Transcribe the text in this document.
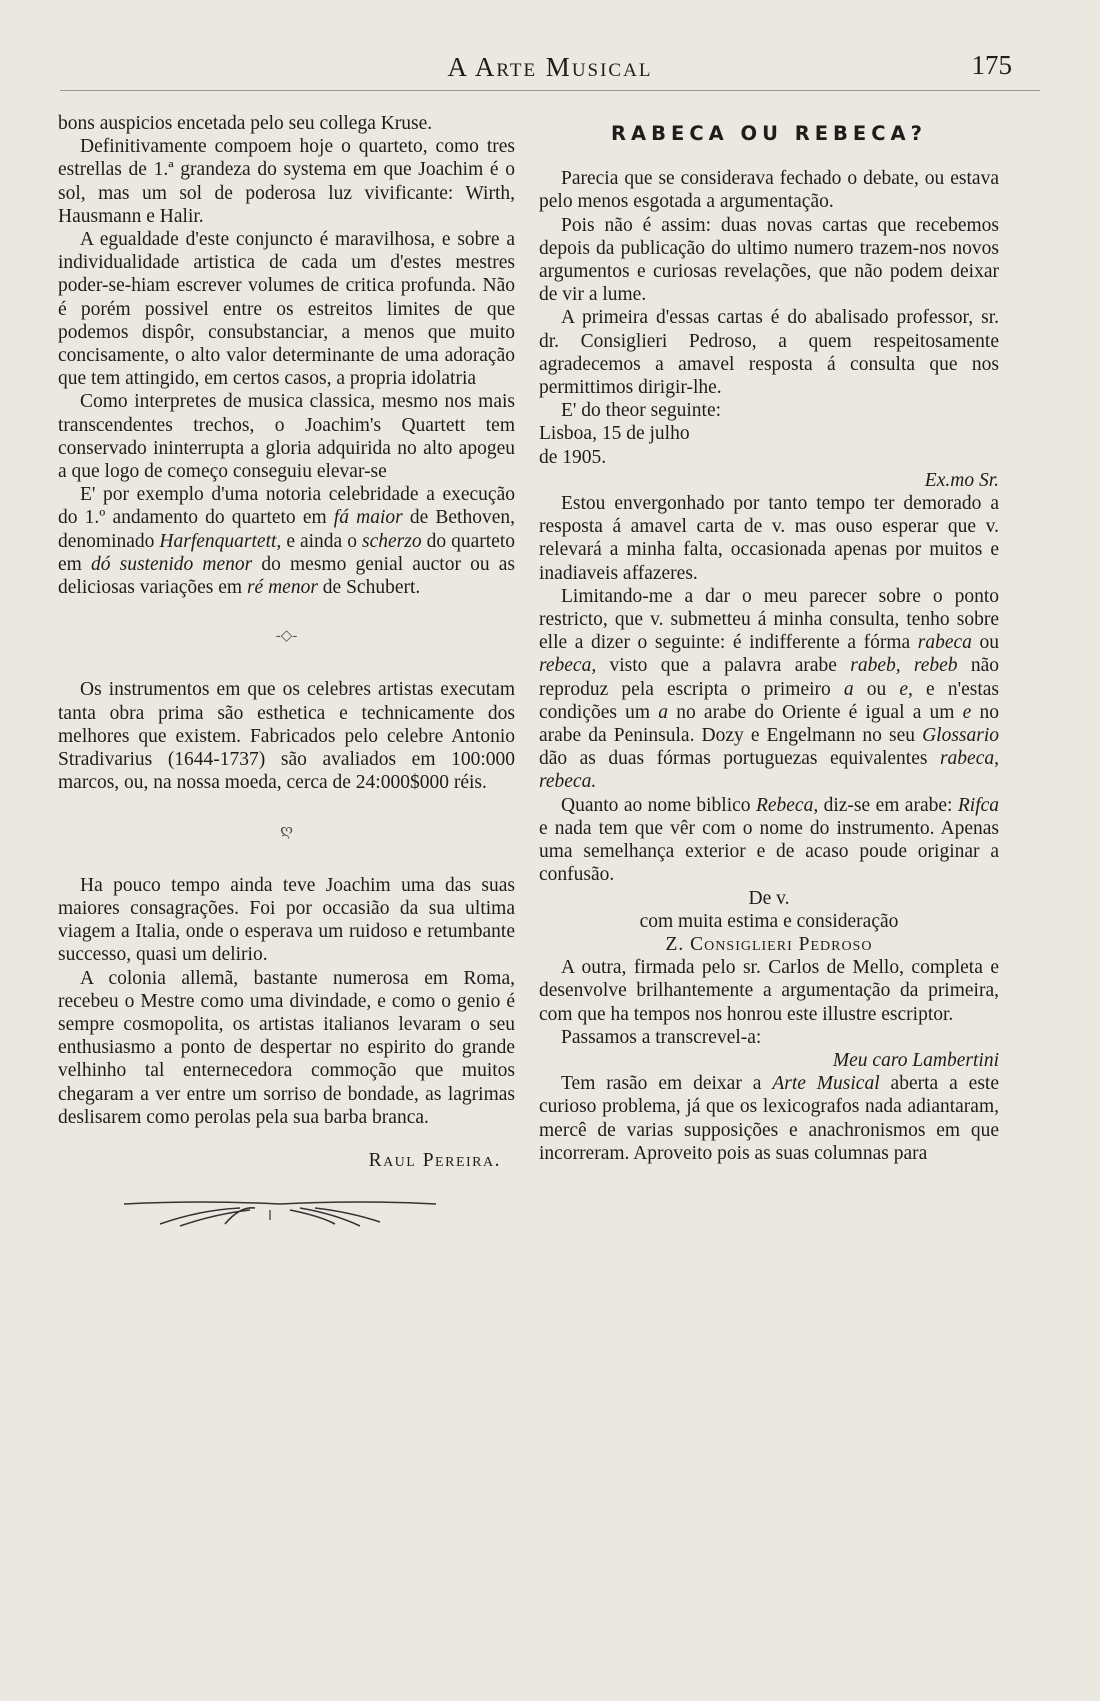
A Arte Musical	175

bons auspicios encetada pelo seu collega Kruse.

Definitivamente compoem hoje o quarteto, como tres estrellas de 1.ª grandeza do systema em que Joachim é o sol, mas um sol de poderosa luz vivificante: Wirth, Hausmann e Halir.

A egualdade d'este conjuncto é maravilhosa, e sobre a individualidade artistica de cada um d'estes mestres poder-se-hiam escrever volumes de critica profunda. Não é porém possivel entre os estreitos limites de que podemos dispôr, consubstanciar, a menos que muito concisamente, o alto valor determinante de uma adoração que tem attingido, em certos casos, a propria idolatria

Como interpretes de musica classica, mesmo nos mais transcendentes trechos, o Joachim's Quartett tem conservado ininterrupta a gloria adquirida no alto apogeu a que logo de começo conseguiu elevar-se

E' por exemplo d'uma notoria celebridade a execução do 1.º andamento do quarteto em fá maior de Bethoven, denominado Harfenquartett, e ainda o scherzo do quarteto em dó sustenido menor do mesmo genial auctor ou as deliciosas variações em ré menor de Schubert.

-◇-

Os instrumentos em que os celebres artistas executam tanta obra prima são esthetica e technicamente dos melhores que existem. Fabricados pelo celebre Antonio Stradivarius (1644-1737) são avaliados em 100:000 marcos, ou, na nossa moeda, cerca de 24:000$000 réis.

ღ

Ha pouco tempo ainda teve Joachim uma das suas maiores consagrações. Foi por occasião da sua ultima viagem a Italia, onde o esperava um ruidoso e retumbante successo, quasi um delirio.

A colonia allemã, bastante numerosa em Roma, recebeu o Mestre como uma divindade, e como o genio é sempre cosmopolita, os artistas italianos levaram o seu enthusiasmo a ponto de despertar no espirito do grande velhinho tal enternecedora commoção que muitos chegaram a ver entre um sorriso de bondade, as lagrimas deslisarem como perolas pela sua barba branca.

Raul Pereira.
RABECA OU REBECA?

Parecia que se considerava fechado o debate, ou estava pelo menos esgotada a argumentação.

Pois não é assim: duas novas cartas que recebemos depois da publicação do ultimo numero trazem-nos novos argumentos e curiosas revelações, que não podem deixar de vir a lume.

A primeira d'essas cartas é do abalisado professor, sr. dr. Consiglieri Pedroso, a quem respeitosamente agradecemos a amavel resposta á consulta que nos permittimos dirigir-lhe.

E' do theor seguinte:

Lisboa, 15 de julho

de 1905.

Ex.mo Sr.

Estou envergonhado por tanto tempo ter demorado a resposta á amavel carta de v. mas ouso esperar que v. relevará a minha falta, occasionada apenas por muitos e inadiaveis affazeres.

Limitando-me a dar o meu parecer sobre o ponto restricto, que v. submetteu á minha consulta, tenho sobre elle a dizer o seguinte: é indifferente a fórma rabeca ou rebeca, visto que a palavra arabe rabeb, rebeb não reproduz pela escripta o primeiro a ou e, e n'estas condições um a no arabe do Oriente é igual a um e no arabe da Peninsula. Dozy e Engelmann no seu Glossario dão as duas fórmas portuguezas equivalentes rabeca, rebeca.

Quanto ao nome biblico Rebeca, diz-se em arabe: Rifca e nada tem que vêr com o nome do instrumento. Apenas uma semelhança exterior e de acaso poude originar a confusão.

De v.

com muita estima e consideração

Z. Consiglieri Pedroso

A outra, firmada pelo sr. Carlos de Mello, completa e desenvolve brilhantemente a argumentação da primeira, com que ha tempos nos honrou este illustre escriptor.

Passamos a transcrevel-a:

Meu caro Lambertini

Tem rasão em deixar a Arte Musical aberta a este curioso problema, já que os lexicografos nada adiantaram, mercê de varias supposições e anachronismos em que incorreram. Aproveito pois as suas columnas para
